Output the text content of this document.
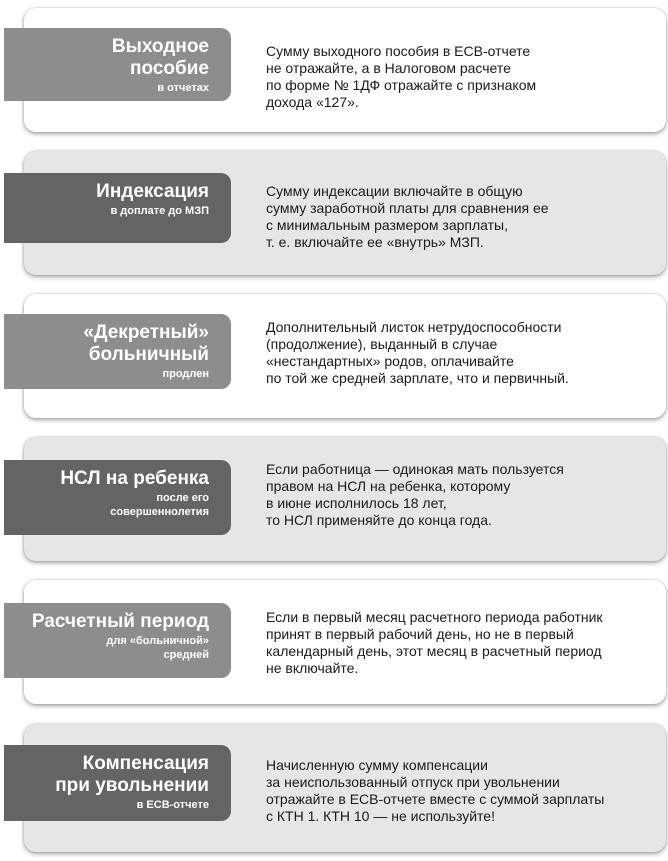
Выходное
пособие
в отчетах
Сумму выходного пособия в ЕСВ-отчете
не отражайте, а в Налоговом расчете
по форме № 1ДФ отражайте с признаком
дохода «127».
Индексация
в доплате до МЗП
Сумму индексации включайте в общую
сумму заработной платы для сравнения ее
с минимальным размером зарплаты,
т. е. включайте ее «внутрь» МЗП.
«Декретный»
больничный
продлен
Дополнительный листок нетрудоспособности
(продолжение), выданный в случае
«нестандартных» родов, оплачивайте
по той же средней зарплате, что и первичный.
НСЛ на ребенка
после его
совершеннолетия
Если работница — одинокая мать пользуется
правом на НСЛ на ребенка, которому
в июне исполнилось 18 лет,
то НСЛ применяйте до конца года.
Расчетный период
для «больничной»
средней
Если в первый месяц расчетного периода работник
принят в первый рабочий день, но не в первый
календарный день, этот месяц в расчетный период
не включайте.
Компенсация
при увольнении
в ЕСВ-отчете
Начисленную сумму компенсации
за неиспользованный отпуск при увольнении
отражайте в ЕСВ-отчете вместе с суммой зарплаты
с КТН 1. КТН 10 — не используйте!
